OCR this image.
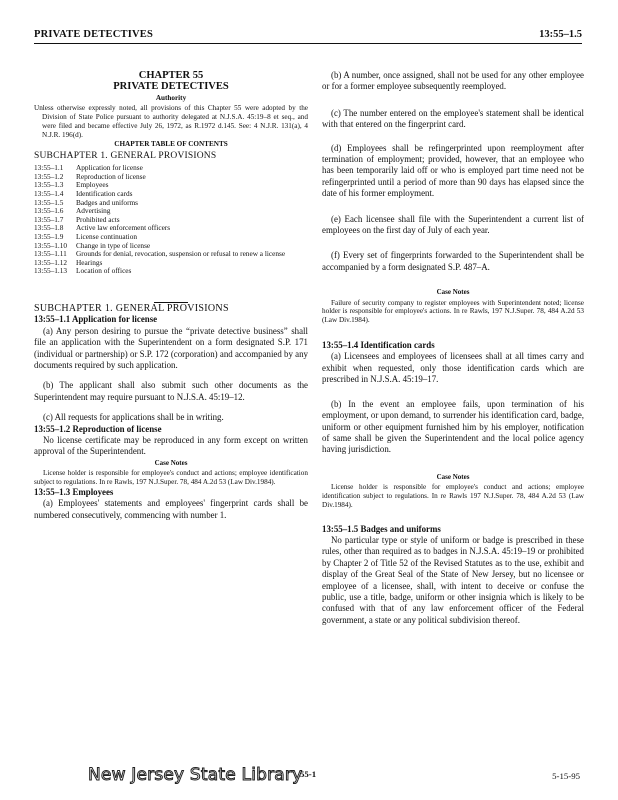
PRIVATE DETECTIVES	13:55–1.5

CHAPTER 55

PRIVATE DETECTIVES

Authority

Unless otherwise expressly noted, all provisions of this Chapter 55 were adopted by the Division of State Police pursuant to authority delegated at N.J.S.A. 45:19–8 et seq., and were filed and became effective July 26, 1972, as R.1972 d.145. See: 4 N.J.R. 131(a), 4 N.J.R. 196(d).

CHAPTER TABLE OF CONTENTS

SUBCHAPTER 1. GENERAL PROVISIONS

13:55–1.1	Application for license
13:55–1.2	Reproduction of license
13:55–1.3	Employees
13:55–1.4	Identification cards
13:55–1.5	Badges and uniforms
13:55–1.6	Advertising
13:55–1.7	Prohibited acts
13:55–1.8	Active law enforcement officers
13:55–1.9	License continuation
13:55–1.10	Change in type of license
13:55–1.11	Grounds for denial, revocation, suspension or refusal to renew a license
13:55–1.12	Hearings
13:55–1.13	Location of offices

SUBCHAPTER 1. GENERAL PROVISIONS

13:55–1.1 Application for license

(a) Any person desiring to pursue the “private detective business” shall file an application with the Superintendent on a form designated S.P. 171 (individual or partnership) or S.P. 172 (corporation) and accompanied by any documents required by such application.

(b) The applicant shall also submit such other documents as the Superintendent may require pursuant to N.J.S.A. 45:19–12.

(c) All requests for applications shall be in writing.

13:55–1.2 Reproduction of license

No license certificate may be reproduced in any form except on written approval of the Superintendent.

Case Notes

License holder is responsible for employee's conduct and actions; employee identification subject to regulations. In re Rawls, 197 N.J.Super. 78, 484 A.2d 53 (Law Div.1984).

13:55–1.3 Employees

(a) Employees' statements and employees' fingerprint cards shall be numbered consecutively, commencing with number 1.

(b) A number, once assigned, shall not be used for any other employee or for a former employee subsequently reemployed.

(c) The number entered on the employee's statement shall be identical with that entered on the fingerprint card.

(d) Employees shall be refingerprinted upon reemployment after termination of employment; provided, however, that an employee who has been temporarily laid off or who is employed part time need not be refingerprinted until a period of more than 90 days has elapsed since the date of his former employment.

(e) Each licensee shall file with the Superintendent a current list of employees on the first day of July of each year.

(f) Every set of fingerprints forwarded to the Superintendent shall be accompanied by a form designated S.P. 487–A.

Case Notes

Failure of security company to register employees with Superintendent noted; license holder is responsible for employee's actions. In re Rawls, 197 N.J.Super. 78, 484 A.2d 53 (Law Div.1984).

13:55–1.4 Identification cards

(a) Licensees and employees of licensees shall at all times carry and exhibit when requested, only those identification cards which are prescribed in N.J.S.A. 45:19–17.

(b) In the event an employee fails, upon termination of his employment, or upon demand, to surrender his identification card, badge, uniform or other equipment furnished him by his employer, notification of same shall be given the Superintendent and the local police agency having jurisdiction.

Case Notes

License holder is responsible for employee's conduct and actions; employee identification subject to regulations. In re Rawls 197 N.J.Super. 78, 484 A.2d 53 (Law Div.1984).

13:55–1.5 Badges and uniforms

No particular type or style of uniform or badge is prescribed in these rules, other than required as to badges in N.J.S.A. 45:19–19 or prohibited by Chapter 2 of Title 52 of the Revised Statutes as to the use, exhibit and display of the Great Seal of the State of New Jersey, but no licensee or employee of a licensee, shall, with intent to deceive or confuse the public, use a title, badge, uniform or other insignia which is likely to be confused with that of any law enforcement officer of the Federal government, a state or any political subdivision thereof.

New Jersey State Library
55-1	5-15-95
